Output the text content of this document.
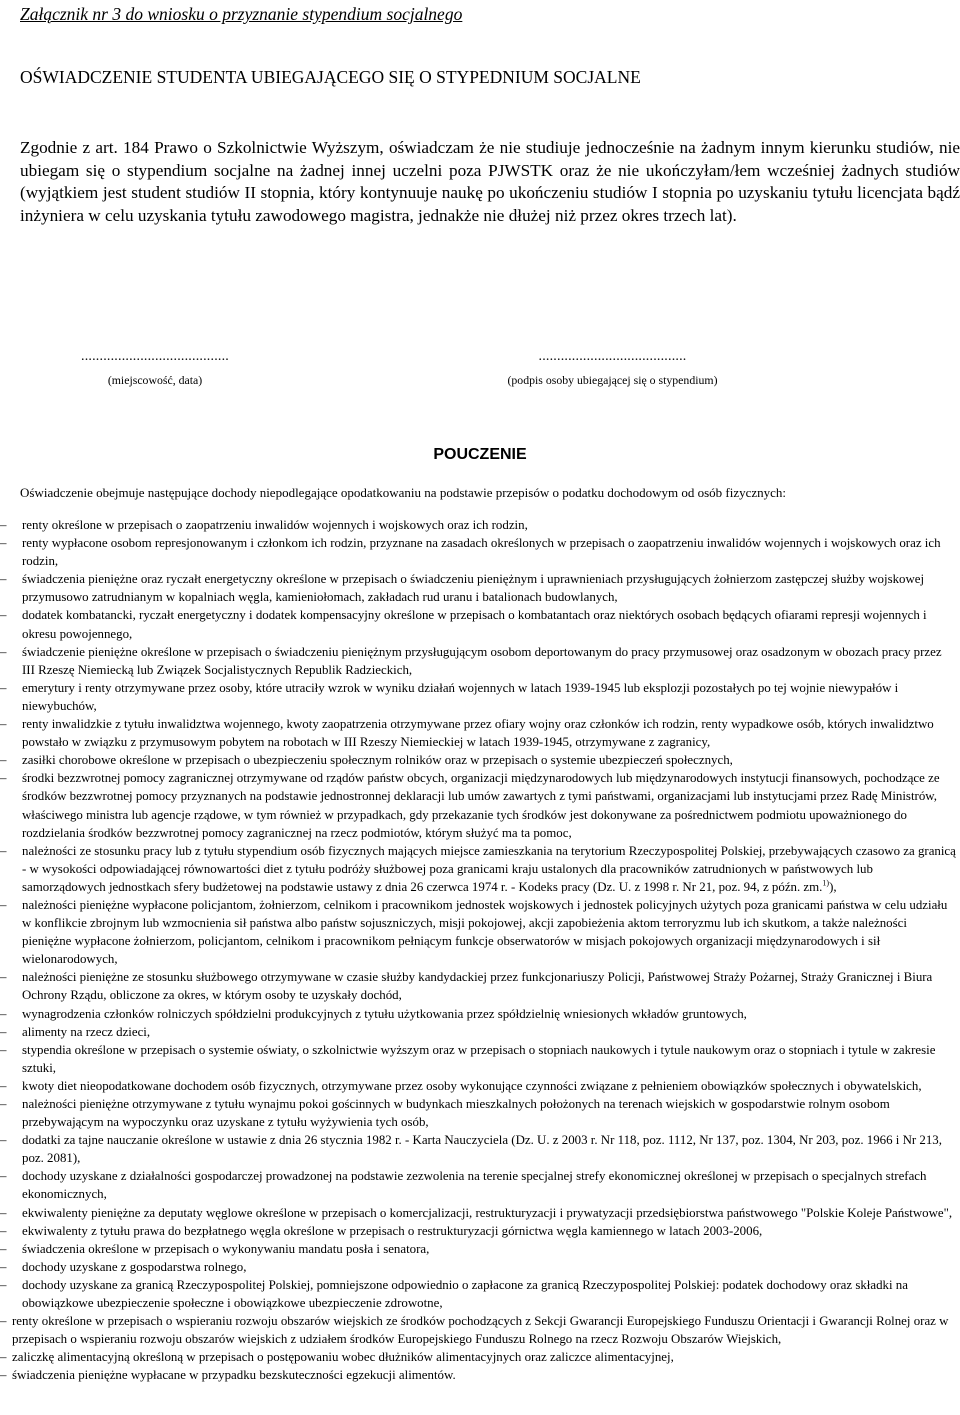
Załącznik nr 3 do wniosku o przyznanie stypendium socjalnego
OŚWIADCZENIE STUDENTA UBIEGAJĄCEGO SIĘ O STYPEDNIUM SOCJALNE

Zgodnie z art. 184 Prawo o Szkolnictwie Wyższym, oświadczam że nie studiuje jednocześnie na żadnym innym kierunku studiów, nie ubiegam się o stypendium socjalne na żadnej innej uczelni poza PJWSTK oraz że nie ukończyłam/łem wcześniej żadnych studiów (wyjątkiem jest student studiów II stopnia, który kontynuuje naukę po ukończeniu studiów I stopnia po uzyskaniu tytułu licencjata bądź inżyniera w celu uzyskania tytułu zawodowego magistra, jednakże nie dłużej niż przez okres trzech lat).

........................................
(miejscowość, data)
........................................
(podpis osoby ubiegającej się o stypendium)
POUCZENIE
Oświadczenie obejmuje następujące dochody niepodlegające opodatkowaniu na podstawie przepisów o podatku dochodowym od osób fizycznych:
– renty określone w przepisach o zaopatrzeniu inwalidów wojennych i wojskowych oraz ich rodzin,
– renty wypłacone osobom represjonowanym i członkom ich rodzin, przyznane na zasadach określonych w przepisach o zaopatrzeniu inwalidów wojennych i wojskowych oraz ich rodzin,
– świadczenia pieniężne oraz ryczałt energetyczny określone w przepisach o świadczeniu pieniężnym i uprawnieniach przysługujących żołnierzom zastępczej służby wojskowej przymusowo zatrudnianym w kopalniach węgla, kamieniołomach, zakładach rud uranu i batalionach budowlanych,
– dodatek kombatancki, ryczałt energetyczny i dodatek kompensacyjny określone w przepisach o kombatantach oraz niektórych osobach będących ofiarami represji wojennych i okresu powojennego,
– świadczenie pieniężne określone w przepisach o świadczeniu pieniężnym przysługującym osobom deportowanym do pracy przymusowej oraz osadzonym w obozach pracy przez III Rzeszę Niemiecką lub Związek Socjalistycznych Republik Radzieckich,
– emerytury i renty otrzymywane przez osoby, które utraciły wzrok w wyniku działań wojennych w latach 1939-1945 lub eksplozji pozostałych po tej wojnie niewypałów i niewybuchów,
– renty inwalidzkie z tytułu inwalidztwa wojennego, kwoty zaopatrzenia otrzymywane przez ofiary wojny oraz członków ich rodzin, renty wypadkowe osób, których inwalidztwo powstało w związku z przymusowym pobytem na robotach w III Rzeszy Niemieckiej w latach 1939-1945, otrzymywane z zagranicy,
– zasiłki chorobowe określone w przepisach o ubezpieczeniu społecznym rolników oraz w przepisach o systemie ubezpieczeń społecznych,
– środki bezzwrotnej pomocy zagranicznej otrzymywane od rządów państw obcych, organizacji międzynarodowych lub międzynarodowych instytucji finansowych, pochodzące ze środków bezzwrotnej pomocy przyznanych na podstawie jednostronnej deklaracji lub umów zawartych z tymi państwami, organizacjami lub instytucjami przez Radę Ministrów, właściwego ministra lub agencje rządowe, w tym również w przypadkach, gdy przekazanie tych środków jest dokonywane za pośrednictwem podmiotu upoważnionego do rozdzielania środków bezzwrotnej pomocy zagranicznej na rzecz podmiotów, którym służyć ma ta pomoc,
– należności ze stosunku pracy lub z tytułu stypendium osób fizycznych mających miejsce zamieszkania na terytorium Rzeczypospolitej Polskiej, przebywających czasowo za granicą - w wysokości odpowiadającej równowartości diet z tytułu podróży służbowej poza granicami kraju ustalonych dla pracowników zatrudnionych w państwowych lub samorządowych jednostkach sfery budżetowej na podstawie ustawy z dnia 26 czerwca 1974 r. - Kodeks pracy (Dz. U. z 1998 r. Nr 21, poz. 94, z późn. zm.$^{1)}$),
– należności pieniężne wypłacone policjantom, żołnierzom, celnikom i pracownikom jednostek wojskowych i jednostek policyjnych użytych poza granicami państwa w celu udziału w konflikcie zbrojnym lub wzmocnienia sił państwa albo państw sojuszniczych, misji pokojowej, akcji zapobieżenia aktom terroryzmu lub ich skutkom, a także należności pieniężne wypłacone żołnierzom, policjantom, celnikom i pracownikom pełniącym funkcje obserwatorów w misjach pokojowych organizacji międzynarodowych i sił wielonarodowych,
– należności pieniężne ze stosunku służbowego otrzymywane w czasie służby kandydackiej przez funkcjonariuszy Policji, Państwowej Straży Pożarnej, Straży Granicznej i Biura Ochrony Rządu, obliczone za okres, w którym osoby te uzyskały dochód,
– wynagrodzenia członków rolniczych spółdzielni produkcyjnych z tytułu użytkowania przez spółdzielnię wniesionych wkładów gruntowych,
– alimenty na rzecz dzieci,
– stypendia określone w przepisach o systemie oświaty, o szkolnictwie wyższym oraz w przepisach o stopniach naukowych i tytule naukowym oraz o stopniach i tytule w zakresie sztuki,
– kwoty diet nieopodatkowane dochodem osób fizycznych, otrzymywane przez osoby wykonujące czynności związane z pełnieniem obowiązków społecznych i obywatelskich,
– należności pieniężne otrzymywane z tytułu wynajmu pokoi gościnnych w budynkach mieszkalnych położonych na terenach wiejskich w gospodarstwie rolnym osobom przebywającym na wypoczynku oraz uzyskane z tytułu wyżywienia tych osób,
– dodatki za tajne nauczanie określone w ustawie z dnia 26 stycznia 1982 r. - Karta Nauczyciela (Dz. U. z 2003 r. Nr 118, poz. 1112, Nr 137, poz. 1304, Nr 203, poz. 1966 i Nr 213, poz. 2081),
– dochody uzyskane z działalności gospodarczej prowadzonej na podstawie zezwolenia na terenie specjalnej strefy ekonomicznej określonej w przepisach o specjalnych strefach ekonomicznych,
– ekwiwalenty pieniężne za deputaty węglowe określone w przepisach o komercjalizacji, restrukturyzacji i prywatyzacji przedsiębiorstwa państwowego "Polskie Koleje Państwowe",
– ekwiwalenty z tytułu prawa do bezpłatnego węgla określone w przepisach o restrukturyzacji górnictwa węgla kamiennego w latach 2003-2006,
– świadczenia określone w przepisach o wykonywaniu mandatu posła i senatora,
– dochody uzyskane z gospodarstwa rolnego,
– dochody uzyskane za granicą Rzeczypospolitej Polskiej, pomniejszone odpowiednio o zapłacone za granicą Rzeczypospolitej Polskiej: podatek dochodowy oraz składki na obowiązkowe ubezpieczenie społeczne i obowiązkowe ubezpieczenie zdrowotne,
– renty określone w przepisach o wspieraniu rozwoju obszarów wiejskich ze środków pochodzących z Sekcji Gwarancji Europejskiego Funduszu Orientacji i Gwarancji Rolnej oraz w przepisach o wspieraniu rozwoju obszarów wiejskich z udziałem środków Europejskiego Funduszu Rolnego na rzecz Rozwoju Obszarów Wiejskich,
– zaliczkę alimentacyjną określoną w przepisach o postępowaniu wobec dłużników alimentacyjnych oraz zaliczce alimentacyjnej,
– świadczenia pieniężne wypłacane w przypadku bezskuteczności egzekucji alimentów.
